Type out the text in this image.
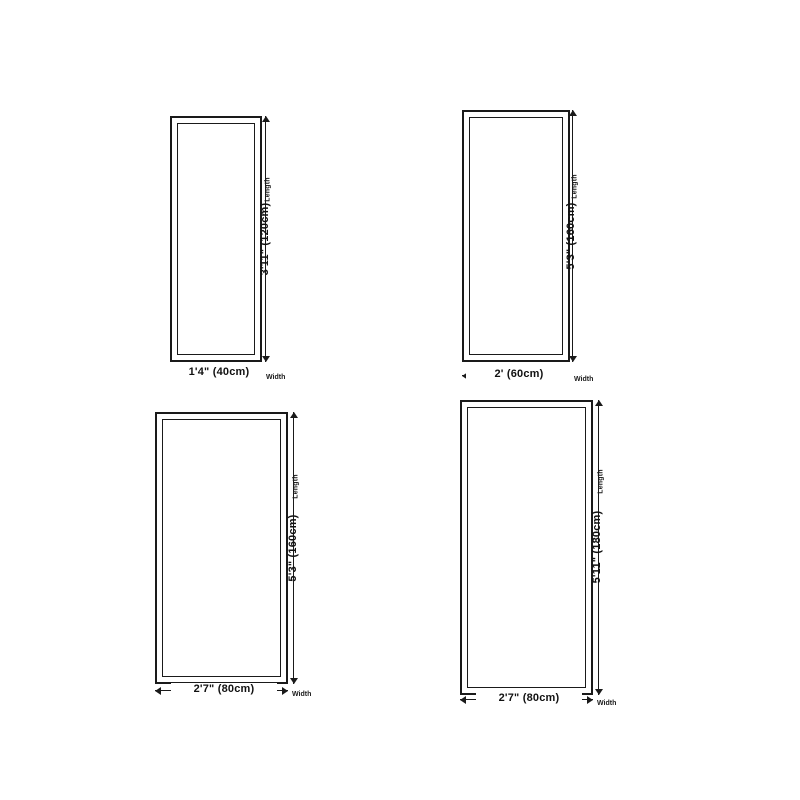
3'11" (120cm)
Length
1'4" (40cm)	Width
5'3" (160cm)
Length
2' (60cm)	Width
5'3" (160cm)
Length
2'7" (80cm)	Width
5'11" (180cm)
Length
2'7" (80cm)	Width
